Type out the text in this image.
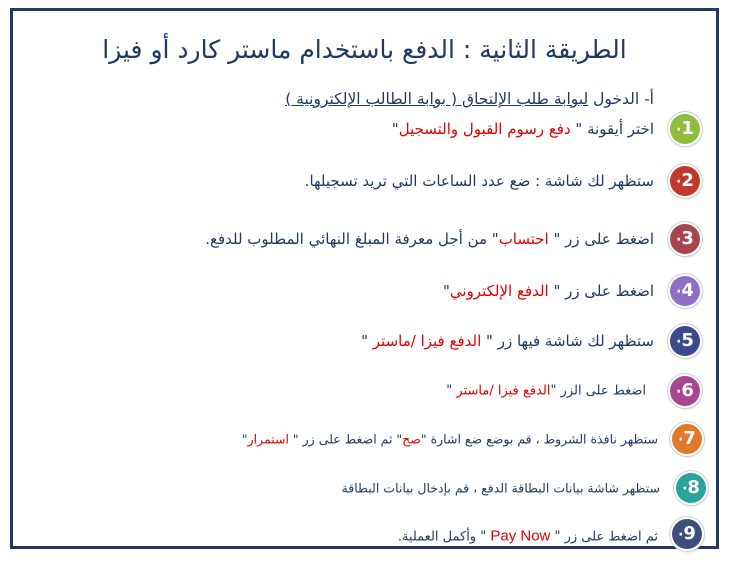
الطريقة الثانية : الدفع باستخدام ماستر كارد أو فيزا
أ- الدخول لبوابة طلب الإلتحاق ( بوابة الطالب الإلكترونية )
·1
اختر أيقونة " دفع رسوم القبول والتسجيل"
·2
ستظهر لك شاشة : ضع عدد الساعات التي تريد تسجيلها.
·3
اضغط على زر " احتساب" من أجل معرفة المبلغ النهائي المطلوب للدفع.
·4
اضغط على زر " الدفع الإلكتروني"
·5
ستظهر لك شاشة فيها زر " الدفع فيزا /ماستر "
·6
اضغط على الزر "الدفع فيزا /ماستر "
·7
ستظهر نافذة الشروط ، قم بوضع ضع اشارة "صح" ثم اضغط على زر " استمرار"
·8
ستظهر شاشة بيانات البطاقة الدفع ، قم بإدخال بيانات البطاقة
·9
ثم اضغط على زر " Pay Now " وأكمل العملية.
